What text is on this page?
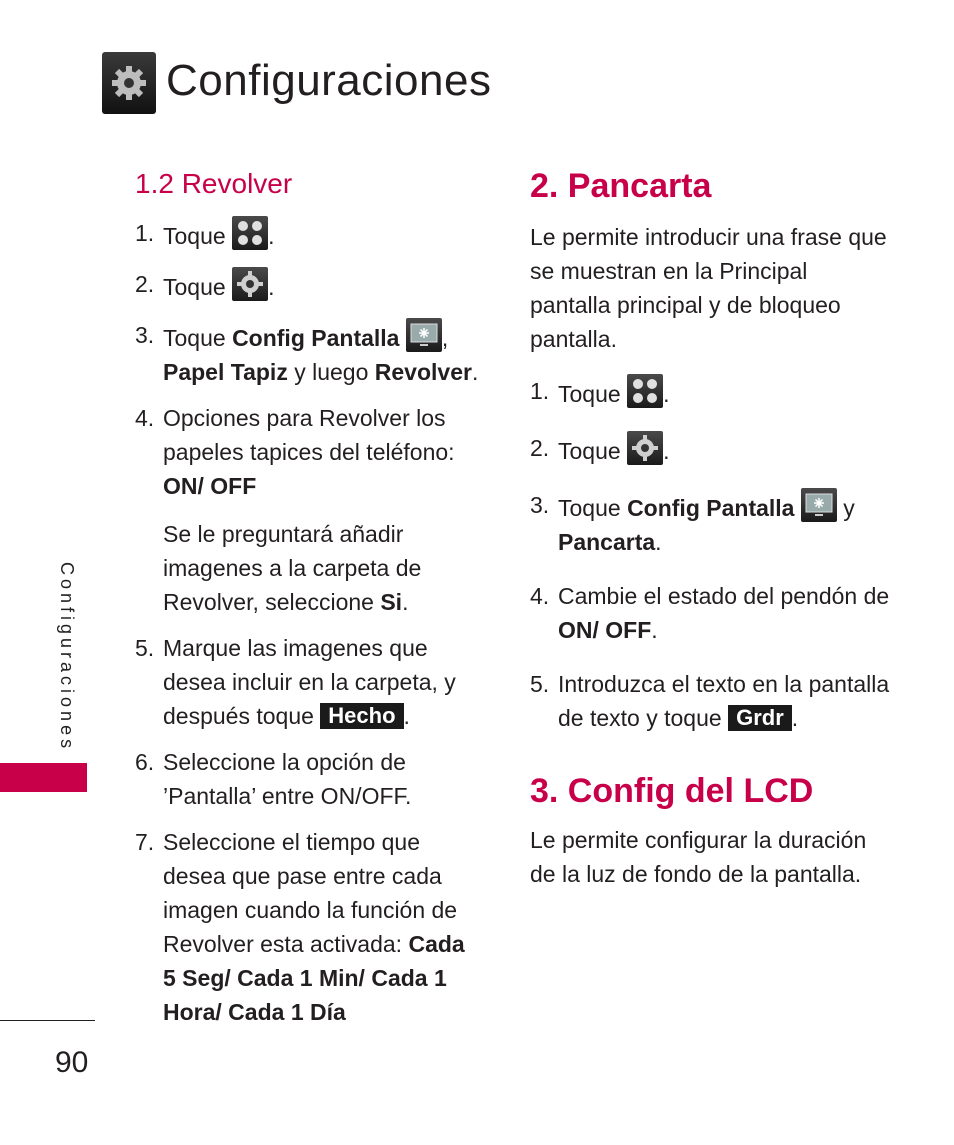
Configuraciones
Configuraciones
90
1.2 Revolver
1. Toque .
2. Toque .
3. Toque Config Pantalla , Papel Tapiz y luego Revolver.
4. Opciones para Revolver los papeles tapices del teléfono: ON/ OFF

Se le preguntará añadir imagenes a la carpeta de Revolver, seleccione Si.

5. Marque las imagenes que desea incluir en la carpeta, y después toque Hecho .
6. Seleccione la opción de ’Pantalla’ entre ON/OFF.
7. Seleccione el tiempo que desea que pase entre cada imagen cuando la función de Revolver esta activada: Cada 5 Seg/ Cada 1 Min/ Cada 1 Hora/ Cada 1 Día
2. Pancarta

Le permite introducir una frase que se muestran en la Principal pantalla principal y de bloqueo pantalla.

1. Toque .
2. Toque .
3. Toque Config Pantalla y Pancarta.
4. Cambie el estado del pendón de ON/ OFF.
5. Introduzca el texto en la pantalla de texto y toque Grdr .
3. Config del LCD

Le permite configurar la duración de la luz de fondo de la pantalla.
